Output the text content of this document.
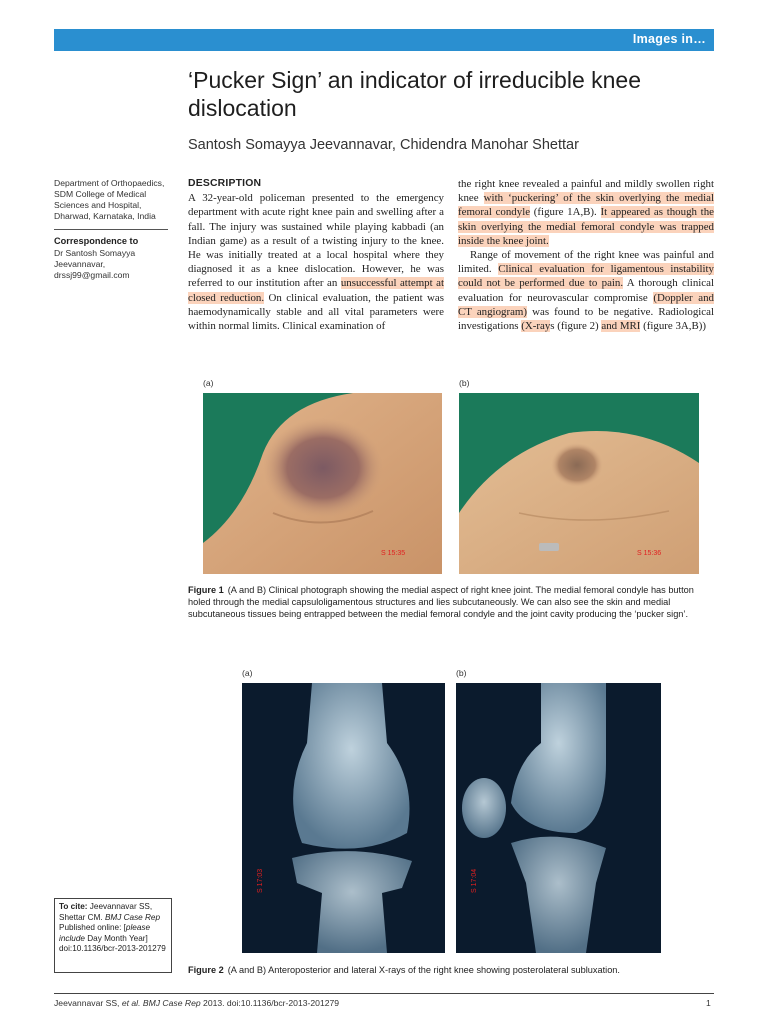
Images in…
‘Pucker Sign’ an indicator of irreducible knee dislocation
Santosh Somayya Jeevannavar, Chidendra Manohar Shettar
Department of Orthopaedics, SDM College of Medical Sciences and Hospital, Dharwad, Karnataka, India
Correspondence to
Dr Santosh Somayya Jeevannavar,
drssj99@gmail.com
DESCRIPTION
A 32-year-old policeman presented to the emergency department with acute right knee pain and swelling after a fall. The injury was sustained while playing kabbadi (an Indian game) as a result of a twisting injury to the knee. He was initially treated at a local hospital where they diagnosed it as a knee dislocation. However, he was referred to our institution after an unsuccessful attempt at closed reduction. On clinical evaluation, the patient was haemodynamically stable and all vital parameters were within normal limits. Clinical examination of
the right knee revealed a painful and mildly swollen right knee with ‘puckering’ of the skin overlying the medial femoral condyle (figure 1A,B). It appeared as though the skin overlying the medial femoral condyle was trapped inside the knee joint.
Range of movement of the right knee was painful and limited. Clinical evaluation for ligamentous instability could not be performed due to pain. A thorough clinical evaluation for neurovascular compromise (Doppler and CT angiogram) was found to be negative. Radiological investigations (X-rays (figure 2) and MRI (figure 3A,B))
(a)	(b)
S 15:35	S 15:36
Figure 1 (A and B) Clinical photograph showing the medial aspect of right knee joint. The medial femoral condyle has button holed through the medial capsuloligamentous structures and lies subcutaneously. We can also see the skin and medial subcutaneous tissues being entrapped between the medial femoral condyle and the joint cavity producing the ‘pucker sign’.
(a)	(b)
S 17:03	S 17:04
Figure 2 (A and B) Anteroposterior and lateral X-rays of the right knee showing posterolateral subluxation.
To cite: Jeevannavar SS, Shettar CM. BMJ Case Rep Published online: [please include Day Month Year] doi:10.1136/bcr-2013-201279
Jeevannavar SS, et al. BMJ Case Rep 2013. doi:10.1136/bcr-2013-201279	1
